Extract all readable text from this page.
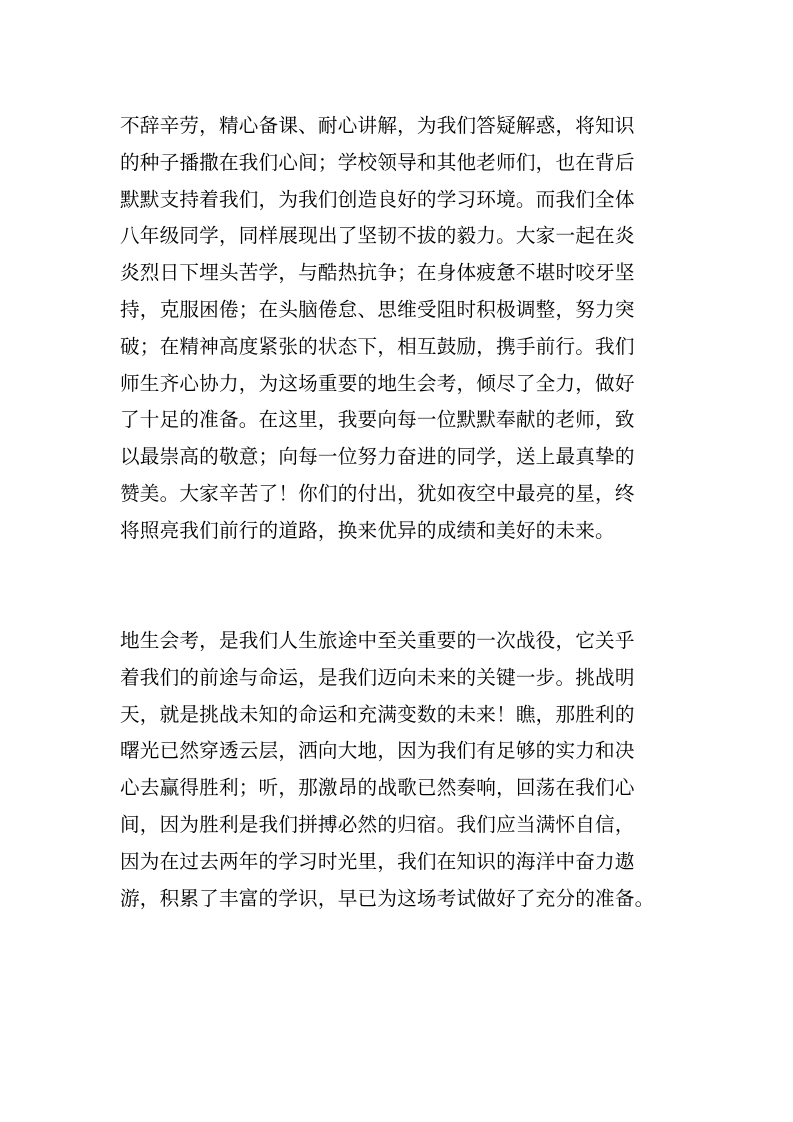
不辞辛劳，精心备课、耐心讲解，为我们答疑解惑，将知识
的种子播撒在我们心间；学校领导和其他老师们，也在背后
默默支持着我们，为我们创造良好的学习环境。而我们全体
八年级同学，同样展现出了坚韧不拔的毅力。大家一起在炎
炎烈日下埋头苦学，与酷热抗争；在身体疲惫不堪时咬牙坚
持，克服困倦；在头脑倦怠、思维受阻时积极调整，努力突
破；在精神高度紧张的状态下，相互鼓励，携手前行。我们
师生齐心协力，为这场重要的地生会考，倾尽了全力，做好
了十足的准备。在这里，我要向每一位默默奉献的老师，致
以最崇高的敬意；向每一位努力奋进的同学，送上最真挚的
赞美。大家辛苦了！你们的付出，犹如夜空中最亮的星，终
将照亮我们前行的道路，换来优异的成绩和美好的未来。
地生会考，是我们人生旅途中至关重要的一次战役，它关乎
着我们的前途与命运，是我们迈向未来的关键一步。挑战明
天，就是挑战未知的命运和充满变数的未来！瞧，那胜利的
曙光已然穿透云层，洒向大地，因为我们有足够的实力和决
心去赢得胜利；听，那激昂的战歌已然奏响，回荡在我们心
间，因为胜利是我们拼搏必然的归宿。我们应当满怀自信，
因为在过去两年的学习时光里，我们在知识的海洋中奋力遨
游，积累了丰富的学识，早已为这场考试做好了充分的准备。
